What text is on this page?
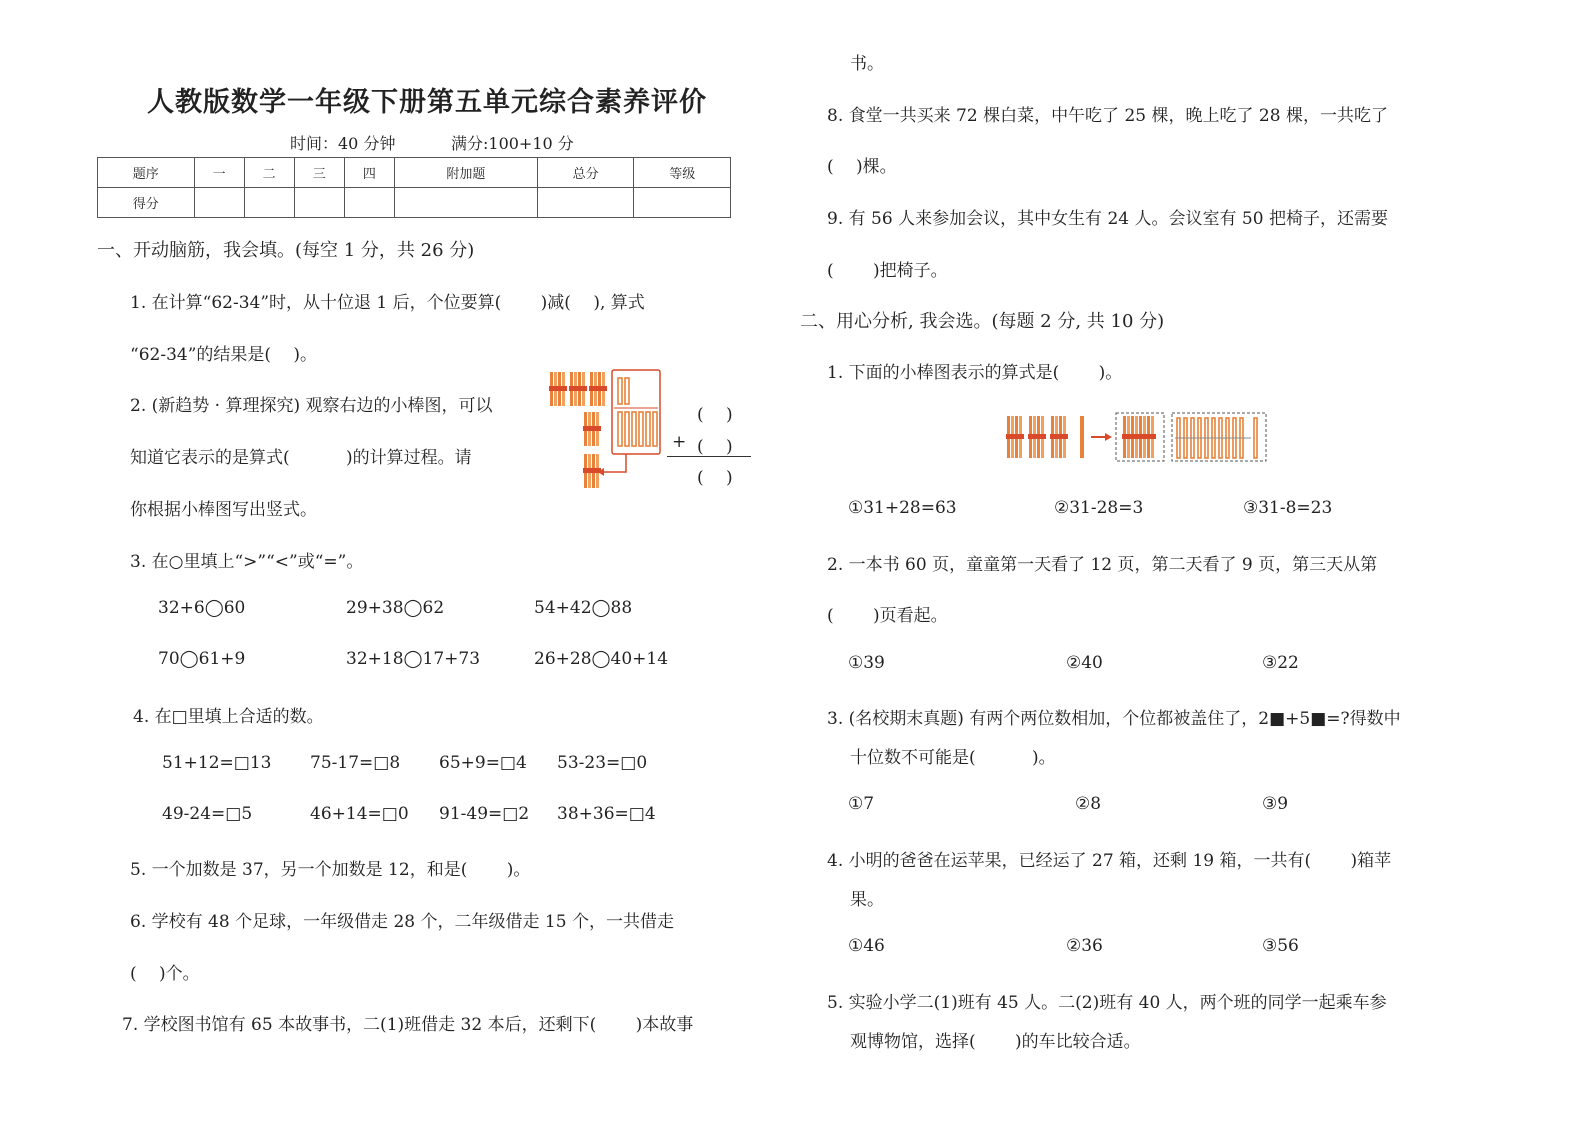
人教版数学一年级下册第五单元综合素养评价
时间：40 分钟	满分:100+10 分
题序	一	二	三	四	附加题	总分	等级
得分							
一、开动脑筋，我会填。(每空 1 分，共 26 分)
1. 在计算“62-34”时，从十位退 1 后，个位要算(　　 )减(　 ), 算式
“62-34”的结果是(　 )。
2. (新趋势 · 算理探究) 观察右边的小棒图，可以
知道它表示的是算式(　　　 )的计算过程。请
你根据小棒图写出竖式。
(　 )
+ (　 )
(　 )
3. 在○里填上“>”“<”或“=”。
32+6◯60	29+38◯62	54+42◯88
70◯61+9	32+18◯17+73	26+28◯40+14
4. 在□里填上合适的数。
51+12=□13 75-17=□8 65+9=□4 53-23=□0
49-24=□5	46+14=□0 91-49=□2 38+36=□4
5. 一个加数是 37，另一个加数是 12，和是(　　 )。
6. 学校有 48 个足球，一年级借走 28 个，二年级借走 15 个，一共借走
(　 )个。
7. 学校图书馆有 65 本故事书，二(1)班借走 32 本后，还剩下(　　 )本故事
书。
8. 食堂一共买来 72 棵白菜，中午吃了 25 棵，晚上吃了 28 棵，一共吃了
(　 )棵。
9. 有 56 人来参加会议，其中女生有 24 人。会议室有 50 把椅子，还需要
(　　 )把椅子。
二、用心分析, 我会选。(每题 2 分, 共 10 分)
1. 下面的小棒图表示的算式是(　　 )。
①31+28=63	②31-28=3	③31-8=23
2. 一本书 60 页，童童第一天看了 12 页，第二天看了 9 页，第三天从第
(　　 )页看起。
①39	②40	③22
3. (名校期末真题) 有两个两位数相加，个位都被盖住了，2■+5■=?得数中
十位数不可能是(　　　 )。
①7	②8	③9
4. 小明的爸爸在运苹果，已经运了 27 箱，还剩 19 箱，一共有(　　 )箱苹
果。
①46	②36	③56
5. 实验小学二(1)班有 45 人。二(2)班有 40 人，两个班的同学一起乘车参
观博物馆，选择(　　 )的车比较合适。
